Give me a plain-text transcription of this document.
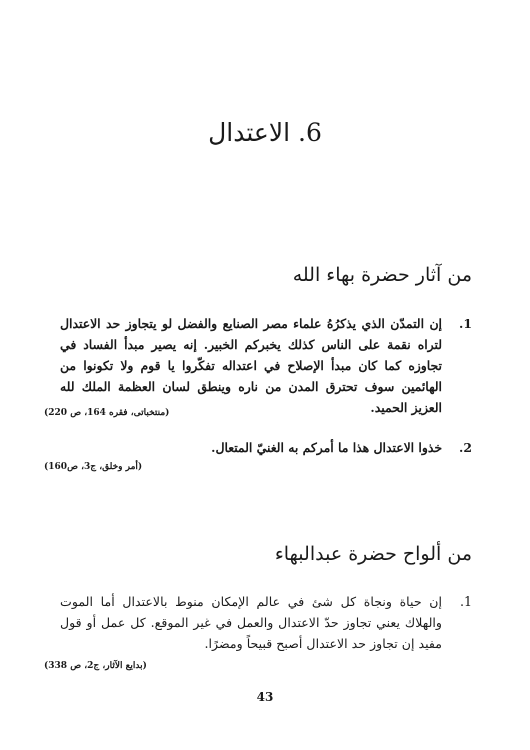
6. الاعتدال
من آثار حضرة بهاء الله
1.
إن التمدّن الذي يذكرُهُ علماء مصر الصنايع والفضل لو يتجاوز حد الاعتدال لتراه نقمة على الناس كذلك يخبركم الخبير. إنه يصير مبدأ الفساد في تجاوزه كما كان مبدأ الإصلاح في اعتداله تفكّروا يا قوم ولا تكونوا من الهائمين سوف تحترق المدن من ناره وينطق لسان العظمة الملك لله العزيز الحميد.
(منتخباتى، فقره 164، ص 220)
2.
خذوا الاعتدال هذا ما أمركم به الغنيّ المتعال.
(أمر وخلق، ج3، ص160)
من ألواح حضرة عبدالبهاء
1.
إن حياة ونجاة كل شئ في عالم الإمكان منوط بالاعتدال أما الموت والهلاك يعني تجاوز حدّ الاعتدال والعمل في غير الموقع. كل عمل أو قول مفيد إن تجاوز حد الاعتدال أصبح قبيحاً ومضرًا.
(بدايع الآثار، ج2، ص 338)
43
